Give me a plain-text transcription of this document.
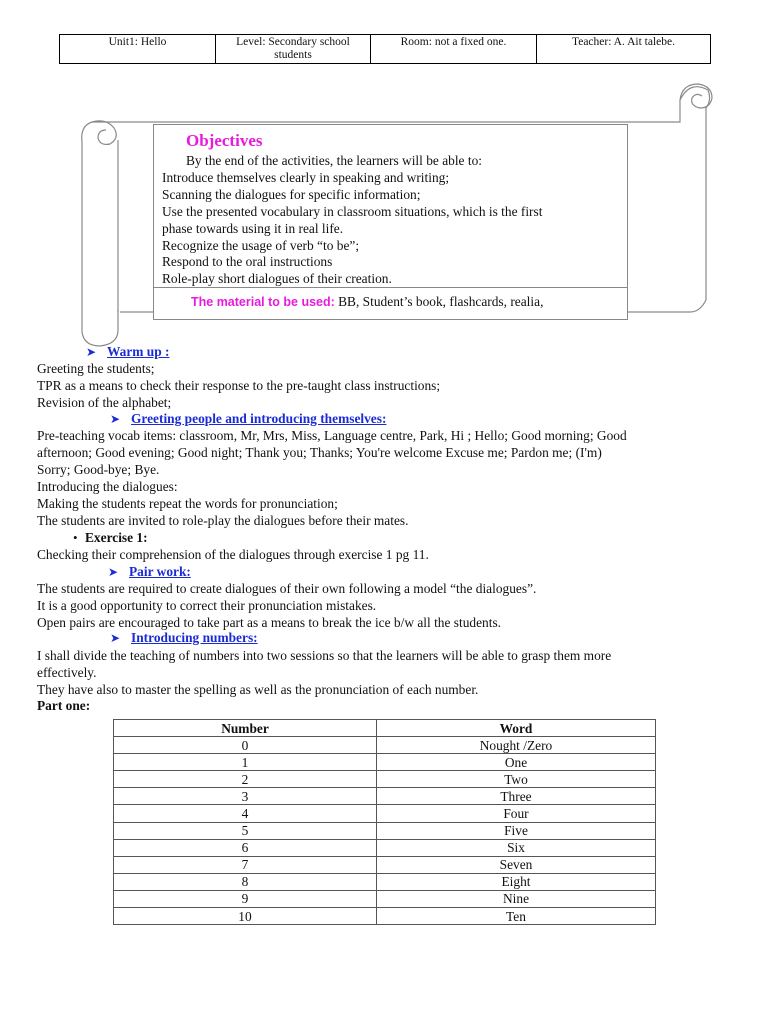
Unit1: Hello	Level: Secondary school students	Room: not a fixed one.	Teacher: A. Ait talebe.
Objectives
By the end of the activities, the learners will be able to:
Introduce themselves clearly in speaking and writing;
Scanning the dialogues for specific information;
Use the presented vocabulary in classroom situations, which is the first
phase towards using it in real life.
Recognize the usage of verb “to be”;
Respond to the oral instructions
Role-play short dialogues of their creation.
The material to be used: BB, Student’s book, flashcards, realia,
➤ Warm up :
Greeting the students;
TPR as a means to check their response to the pre-taught class instructions;
Revision of the alphabet;
➤ Greeting people and introducing themselves:
Pre-teaching vocab items: classroom, Mr, Mrs, Miss, Language centre, Park, Hi ; Hello; Good morning; Good
afternoon; Good evening; Good night; Thank you; Thanks; You're welcome Excuse me; Pardon me; (I'm)
Sorry; Good-bye; Bye.
Introducing the dialogues:
Making the students repeat the words for pronunciation;
The students are invited to role-play the dialogues before their mates.
• Exercise 1:
Checking their comprehension of the dialogues through exercise 1 pg 11.
➤ Pair work:
The students are required to create dialogues of their own following a model “the dialogues”.
It is a good opportunity to correct their pronunciation mistakes.
Open pairs are encouraged to take part as a means to break the ice b/w all the students.
➤ Introducing numbers:
I shall divide the teaching of numbers into two sessions so that the learners will be able to grasp them more
effectively.
They have also to master the spelling as well as the pronunciation of each number.
Part one:
Number	Word
0	Nought /Zero
1	One
2	Two
3	Three
4	Four
5	Five
6	Six
7	Seven
8	Eight
9	Nine
10	Ten
